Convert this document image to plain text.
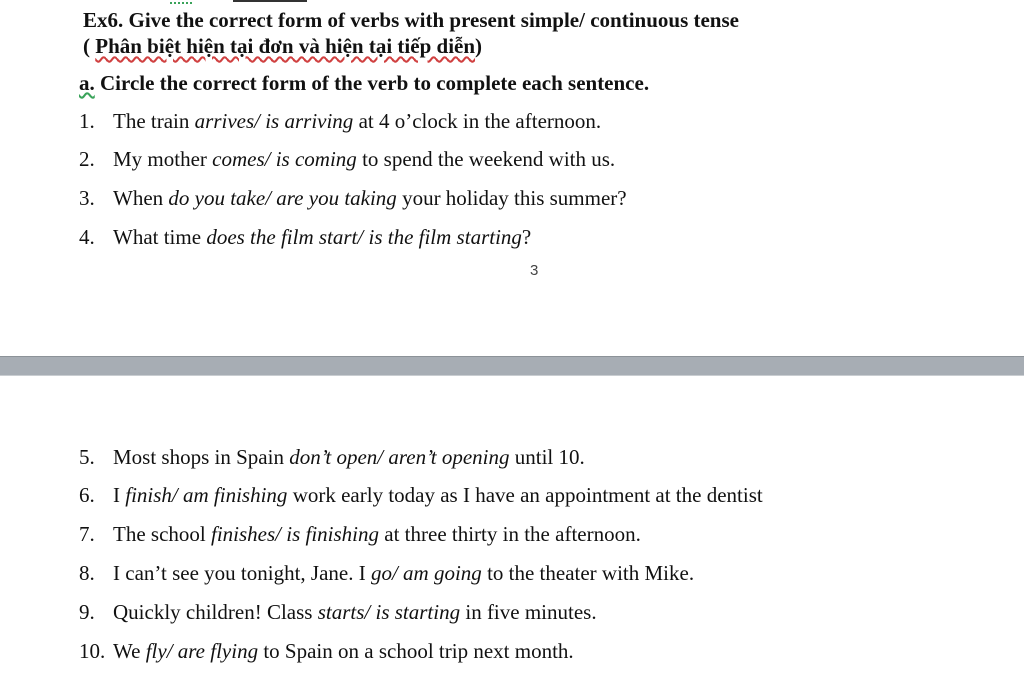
Ex6. Give the correct form of verbs with present simple/ continuous tense
( Phân biệt hiện tại đơn và hiện tại tiếp diễn)
a. Circle the correct form of the verb to complete each sentence.
1. The train arrives/ is arriving at 4 o’clock in the afternoon.
2. My mother comes/ is coming to spend the weekend with us.
3. When do you take/ are you taking your holiday this summer?
4. What time does the film start/ is the film starting?
3
5. Most shops in Spain don’t open/ aren’t opening until 10.
6. I finish/ am finishing work early today as I have an appointment at the dentist
7. The school finishes/ is finishing at three thirty in the afternoon.
8. I can’t see you tonight, Jane. I go/ am going to the theater with Mike.
9. Quickly children! Class starts/ is starting in five minutes.
10. We fly/ are flying to Spain on a school trip next month.
